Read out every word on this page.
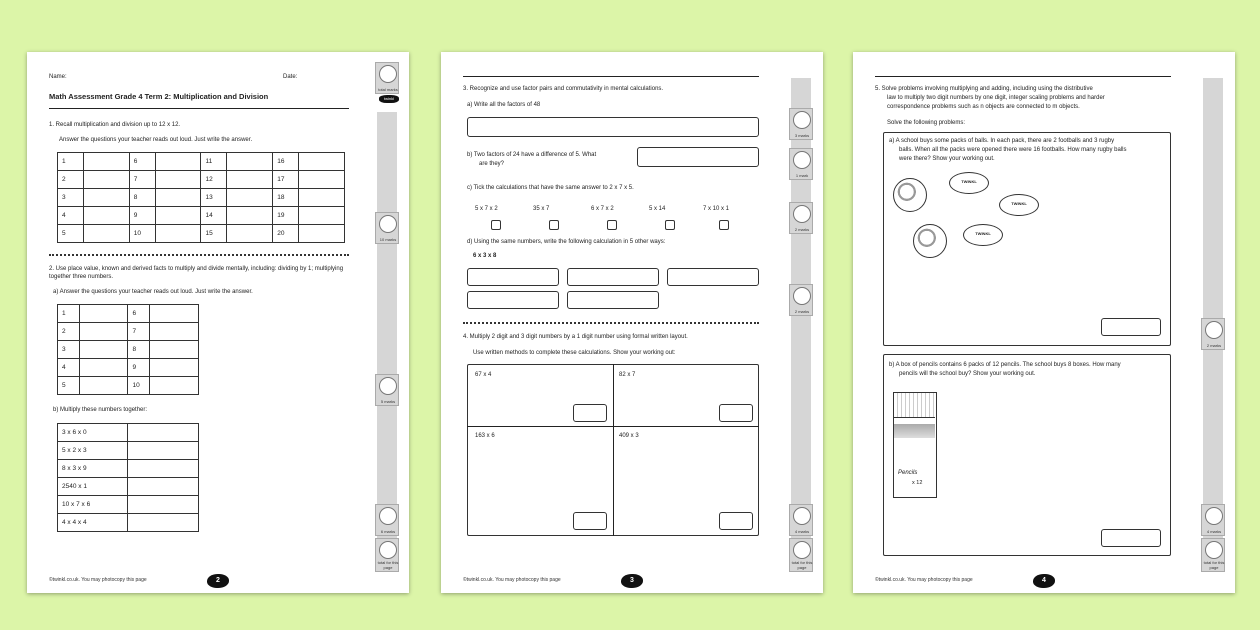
total marks
twinkl
10 marks
5 marks
6 marks
total for this page
Name:	Date:
Math Assessment Grade 4 Term 2: Multiplication and Division
1. Recall multiplication and division up to 12 x 12.
Answer the questions your teacher reads out loud. Just write the answer.
1		6		11		16	
2		7		12		17	
3		8		13		18	
4		9		14		19	
5		10		15		20	
2. Use place value, known and derived facts to multiply and divide mentally, including: dividing by 1; multiplying together three numbers.
a) Answer the questions your teacher reads out loud. Just write the answer.
1		6	
2		7	
3		8	
4		9	
5		10	
b) Multiply these numbers together:
3 x 6 x 0	
5 x 2 x 3	
8 x 3 x 9	
2540 x 1	
10 x 7 x 6	
4 x 4 x 4	
©twinkl.co.uk. You may photocopy this page	2
3 marks
1 mark
2 marks
2 marks
4 marks
total for this page
3. Recognize and use factor pairs and commutativity in mental calculations.
a) Write all the factors of 48
b) Two factors of 24 have a difference of 5. What
are they?
c) Tick the calculations that have the same answer to 2 x 7 x 5.
d) Using the same numbers, write the following calculation in 5 other ways:
6 x 3 x 8
4. Multiply 2 digit and 3 digit numbers by a 1 digit number using formal written layout.
Use written methods to complete these calculations. Show your working out:
67 x 4	82 x 7
163 x 6	409 x 3
©twinkl.co.uk. You may photocopy this page	3
5 x 7 x 2	35 x 7	6 x 7 x 2	5 x 14	7 x 10 x 1
2 marks
4 marks
total for this page
5. Solve problems involving multiplying and adding, including using the distributive
law to multiply two digit numbers by one digit, integer scaling problems and harder
correspondence problems such as n objects are connected to m objects.
Solve the following problems:
a) A school buys some packs of balls. In each pack, there are 2 footballs and 3 rugby
balls. When all the packs were opened there were 16 footballs. How many rugby balls
were there? Show your working out.
TWINKL
TWINKL
TWINKL
b) A box of pencils contains 6 packs of 12 pencils. The school buys 8 boxes. How many
pencils will the school buy? Show your working out.
Pencils
x 12
©twinkl.co.uk. You may photocopy this page	4
